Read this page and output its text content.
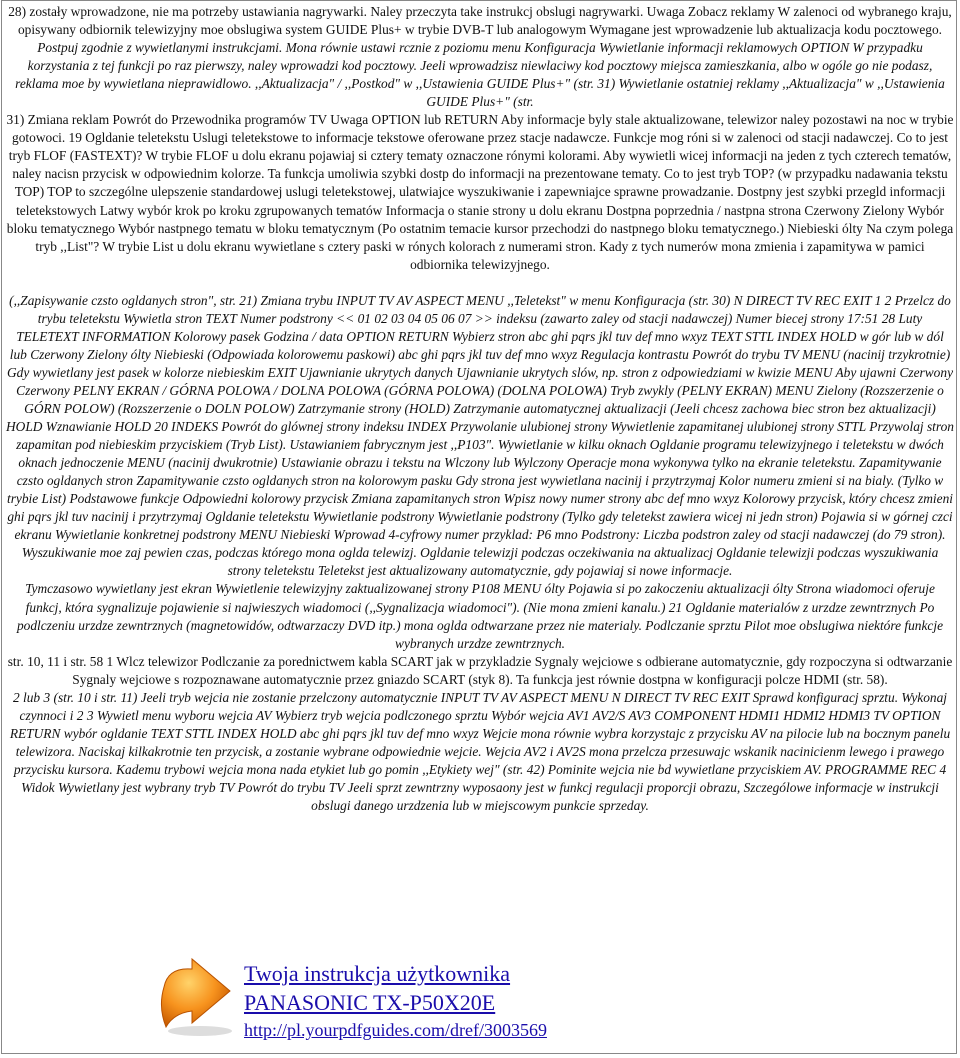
28) zostały wprowadzone, nie ma potrzeby ustawiania nagrywarki. Naley przeczyta take instrukcj obslugi nagrywarki. Uwaga Zobacz reklamy W zalenoci od wybranego kraju, opisywany odbiornik telewizyjny moe obslugiwa system GUIDE Plus+ w trybie DVB-T lub analogowym Wymagane jest wprowadzenie lub aktualizacja kodu pocztowego.

Postpuj zgodnie z wywietlanymi instrukcjami. Mona równie ustawi rcznie z poziomu menu Konfiguracja Wywietlanie informacji reklamowych OPTION W przypadku korzystania z tej funkcji po raz pierwszy, naley wprowadzi kod pocztowy. Jeeli wprowadzisz niewlaciwy kod pocztowy miejsca zamieszkania, albo w ogóle go nie podasz, reklama moe by wywietlana nieprawidlowo. ,,Aktualizacja" / ,,Postkod" w ,,Ustawienia GUIDE Plus+" (str. 31) Wywietlanie ostatniej reklamy ,,Aktualizacja" w ,,Ustawienia GUIDE Plus+" (str.

31) Zmiana reklam Powrót do Przewodnika programów TV Uwaga OPTION lub RETURN Aby informacje byly stale aktualizowane, telewizor naley pozostawi na noc w trybie gotowoci. 19 Ogldanie teletekstu Uslugi teletekstowe to informacje tekstowe oferowane przez stacje nadawcze. Funkcje mog róni si w zalenoci od stacji nadawczej. Co to jest tryb FLOF (FASTEXT)? W trybie FLOF u dolu ekranu pojawiaj si cztery tematy oznaczone rónymi kolorami. Aby wywietli wicej informacji na jeden z tych czterech tematów, naley nacisn przycisk w odpowiednim kolorze. Ta funkcja umoliwia szybki dostp do informacji na prezentowane tematy. Co to jest tryb TOP? (w przypadku nadawania tekstu TOP) TOP to szczególne ulepszenie standardowej uslugi teletekstowej, ulatwiajce wyszukiwanie i zapewniajce sprawne prowadzanie. Dostpny jest szybki przegld informacji teletekstowych Latwy wybór krok po kroku zgrupowanych tematów Informacja o stanie strony u dolu ekranu Dostpna poprzednia / nastpna strona Czerwony Zielony Wybór bloku tematycznego Wybór nastpnego tematu w bloku tematycznym (Po ostatnim temacie kursor przechodzi do nastpnego bloku tematycznego.) Niebieski ólty Na czym polega tryb ,,List"? W trybie List u dolu ekranu wywietlane s cztery paski w rónych kolorach z numerami stron. Kady z tych numerów mona zmienia i zapamitywa w pamici odbiornika telewizyjnego.

(,,Zapisywanie czsto ogldanych stron", str. 21) Zmiana trybu INPUT TV AV ASPECT MENU ,,Teletekst" w menu Konfiguracja (str. 30) N DIRECT TV REC EXIT 1 2 Przelcz do trybu teletekstu Wywietla stron TEXT Numer podstrony << 01 02 03 04 05 06 07 >> indeksu (zawarto zaley od stacji nadawczej) Numer biecej strony 17:51 28 Luty TELETEXT INFORMATION Kolorowy pasek Godzina / data OPTION RETURN Wybierz stron abc ghi pqrs jkl tuv def mno wxyz TEXT STTL INDEX HOLD w gór lub w dól lub Czerwony Zielony ólty Niebieski (Odpowiada kolorowemu paskowi) abc ghi pqrs jkl tuv def mno wxyz Regulacja kontrastu Powrót do trybu TV MENU (nacinij trzykrotnie) Gdy wywietlany jest pasek w kolorze niebieskim EXIT Ujawnianie ukrytych danych Ujawnianie ukrytych slów, np. stron z odpowiedziami w kwizie MENU Aby ujawni Czerwony Czerwony PELNY EKRAN / GÓRNA POLOWA / DOLNA POLOWA (GÓRNA POLOWA) (DOLNA POLOWA) Tryb zwykly (PELNY EKRAN) MENU Zielony (Rozszerzenie o GÓRN POLOW) (Rozszerzenie o DOLN POLOW) Zatrzymanie strony (HOLD) Zatrzymanie automatycznej aktualizacji (Jeeli chcesz zachowa biec stron bez aktualizacji) HOLD Wznawianie HOLD 20 INDEKS Powrót do glównej strony indeksu INDEX Przywolanie ulubionej strony Wywietlenie zapamitanej ulubionej strony STTL Przywolaj stron zapamitan pod niebieskim przyciskiem (Tryb List). Ustawianiem fabrycznym jest ,,P103". Wywietlanie w kilku oknach Ogldanie programu telewizyjnego i teletekstu w dwóch oknach jednoczenie MENU (nacinij dwukrotnie) Ustawianie obrazu i tekstu na Wlczony lub Wylczony Operacje mona wykonywa tylko na ekranie teletekstu. Zapamitywanie czsto ogldanych stron Zapamitywanie czsto ogldanych stron na kolorowym pasku Gdy strona jest wywietlana nacinij i przytrzymaj Kolor numeru zmieni si na bialy. (Tylko w trybie List) Podstawowe funkcje Odpowiedni kolorowy przycisk Zmiana zapamitanych stron Wpisz nowy numer strony abc def mno wxyz Kolorowy przycisk, który chcesz zmieni ghi pqrs jkl tuv nacinij i przytrzymaj Ogldanie teletekstu Wywietlanie podstrony Wywietlanie podstrony (Tylko gdy teletekst zawiera wicej ni jedn stron) Pojawia si w górnej czci ekranu Wywietlanie konkretnej podstrony MENU Niebieski Wprowad 4-cyfrowy numer przyklad: P6 mno Podstrony: Liczba podstron zaley od stacji nadawczej (do 79 stron). Wyszukiwanie moe zaj pewien czas, podczas którego mona oglda telewizj. Ogldanie telewizji podczas oczekiwania na aktualizacj Ogldanie telewizji podczas wyszukiwania strony teletekstu Teletekst jest aktualizowany automatycznie, gdy pojawiaj si nowe informacje.

Tymczasowo wywietlany jest ekran Wywietlenie telewizyjny zaktualizowanej strony P108 MENU ólty Pojawia si po zakoczeniu aktualizacji ólty Strona wiadomoci oferuje funkcj, która sygnalizuje pojawienie si najwieszych wiadomoci (,,Sygnalizacja wiadomoci"). (Nie mona zmieni kanalu.) 21 Ogldanie materialów z urzdze zewntrznych Po podlczeniu urzdze zewntrznych (magnetowidów, odtwarzaczy DVD itp.) mona oglda odtwarzane przez nie materialy. Podlczanie sprztu Pilot moe obslugiwa niektóre funkcje wybranych urzdze zewntrznych.

str. 10, 11 i str. 58 1 Wlcz telewizor Podlczanie za porednictwem kabla SCART jak w przykladzie Sygnaly wejciowe s odbierane automatycznie, gdy rozpoczyna si odtwarzanie Sygnaly wejciowe s rozpoznawane automatycznie przez gniazdo SCART (styk 8). Ta funkcja jest równie dostpna w konfiguracji polcze HDMI (str. 58).

2 lub 3 (str. 10 i str. 11) Jeeli tryb wejcia nie zostanie przelczony automatycznie INPUT TV AV ASPECT MENU N DIRECT TV REC EXIT Sprawd konfiguracj sprztu. Wykonaj czynnoci i 2 3 Wywietl menu wyboru wejcia AV Wybierz tryb wejcia podlczonego sprztu Wybór wejcia AV1 AV2/S AV3 COMPONENT HDMI1 HDMI2 HDMI3 TV OPTION RETURN wybór ogldanie TEXT STTL INDEX HOLD abc ghi pqrs jkl tuv def mno wxyz Wejcie mona równie wybra korzystajc z przycisku AV na pilocie lub na bocznym panelu telewizora. Naciskaj kilkakrotnie ten przycisk, a zostanie wybrane odpowiednie wejcie. Wejcia AV2 i AV2S mona przelcza przesuwajc wskanik nacinicienm lewego i prawego przycisku kursora. Kademu trybowi wejcia mona nada etykiet lub go pomin ,,Etykiety wej" (str. 42) Pominite wejcia nie bd wywietlane przyciskiem AV. PROGRAMME REC 4 Widok Wywietlany jest wybrany tryb TV Powrót do trybu TV Jeeli sprzt zewntrzny wyposaony jest w funkcj regulacji proporcji obrazu, Szczególowe informacje w instrukcji obslugi danego urzdzenia lub w miejscowym punkcie sprzeday.

Twoja instrukcja użytkownika
PANASONIC TX-P50X20E
http://pl.yourpdfguides.com/dref/3003569
